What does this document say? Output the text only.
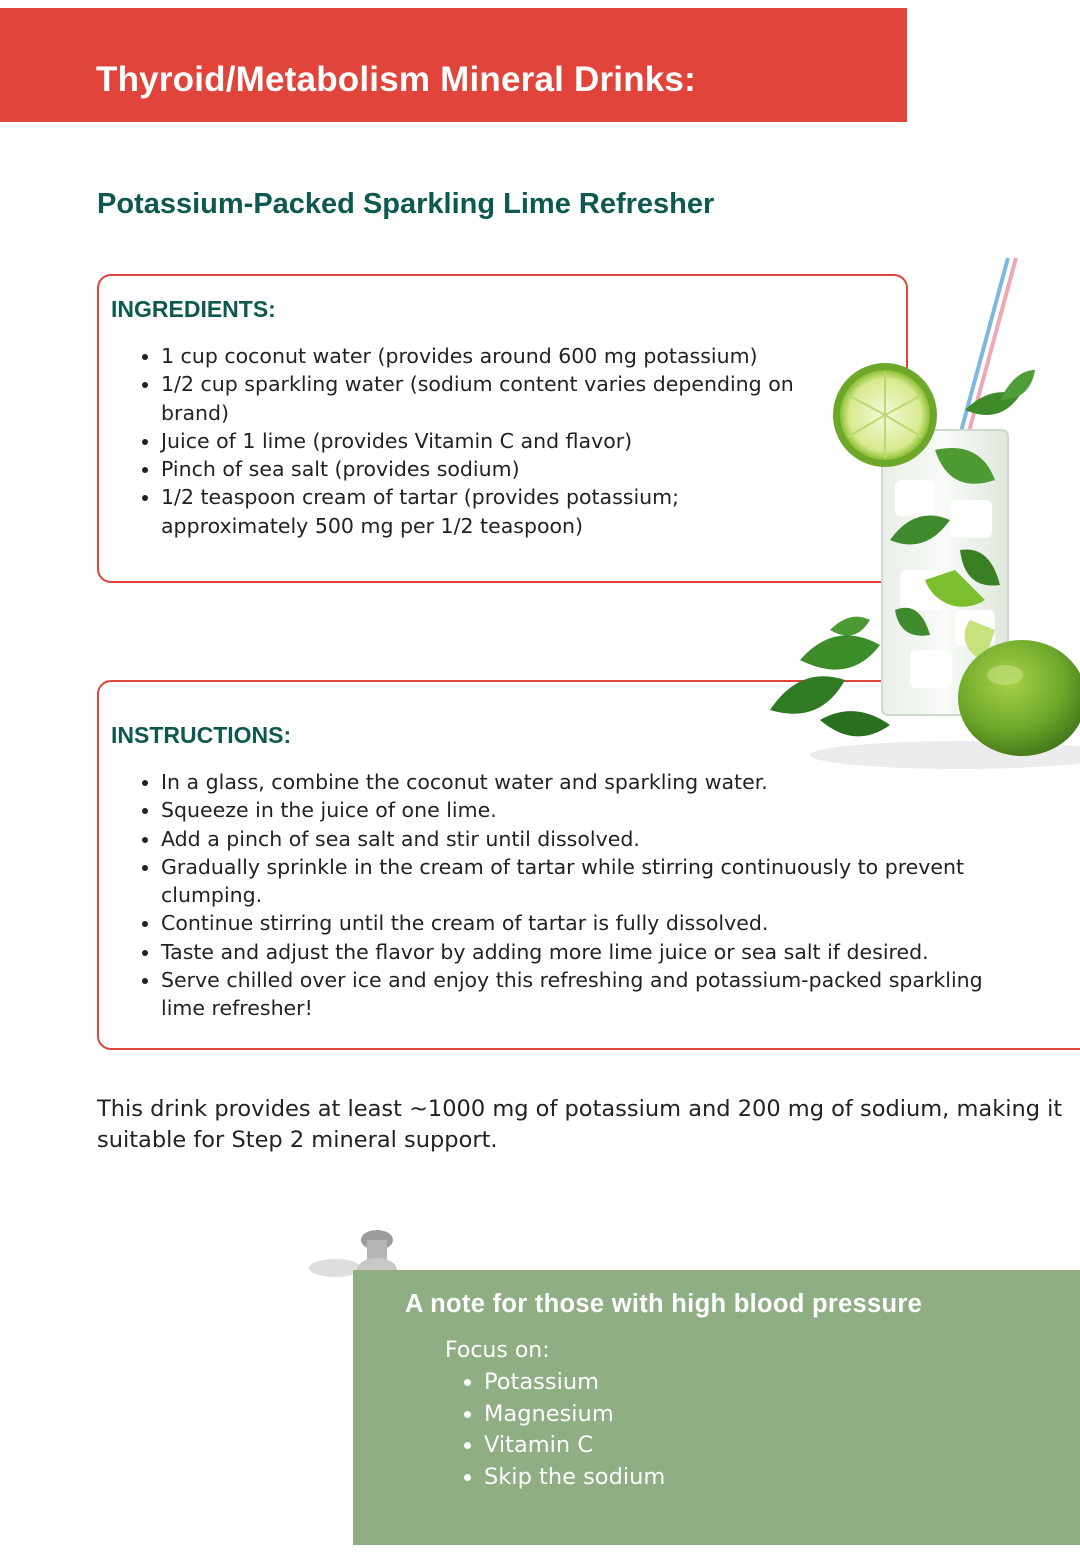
Thyroid/Metabolism Mineral Drinks:
Potassium-Packed Sparkling Lime Refresher
INGREDIENTS:
• 1 cup coconut water (provides around 600 mg potassium)
• 1/2 cup sparkling water (sodium content varies depending on brand)
• Juice of 1 lime (provides Vitamin C and flavor)
• Pinch of sea salt (provides sodium)
• 1/2 teaspoon cream of tartar (provides potassium; approximately 500 mg per 1/2 teaspoon)
INSTRUCTIONS:
• In a glass, combine the coconut water and sparkling water.
• Squeeze in the juice of one lime.
• Add a pinch of sea salt and stir until dissolved.
• Gradually sprinkle in the cream of tartar while stirring continuously to prevent clumping.
• Continue stirring until the cream of tartar is fully dissolved.
• Taste and adjust the flavor by adding more lime juice or sea salt if desired.
• Serve chilled over ice and enjoy this refreshing and potassium-packed sparkling lime refresher!

This drink provides at least ~1000 mg of potassium and 200 mg of sodium, making it suitable for Step 2 mineral support.

A note for those with high blood pressure

Focus on:

• Potassium
• Magnesium
• Vitamin C
• Skip the sodium
